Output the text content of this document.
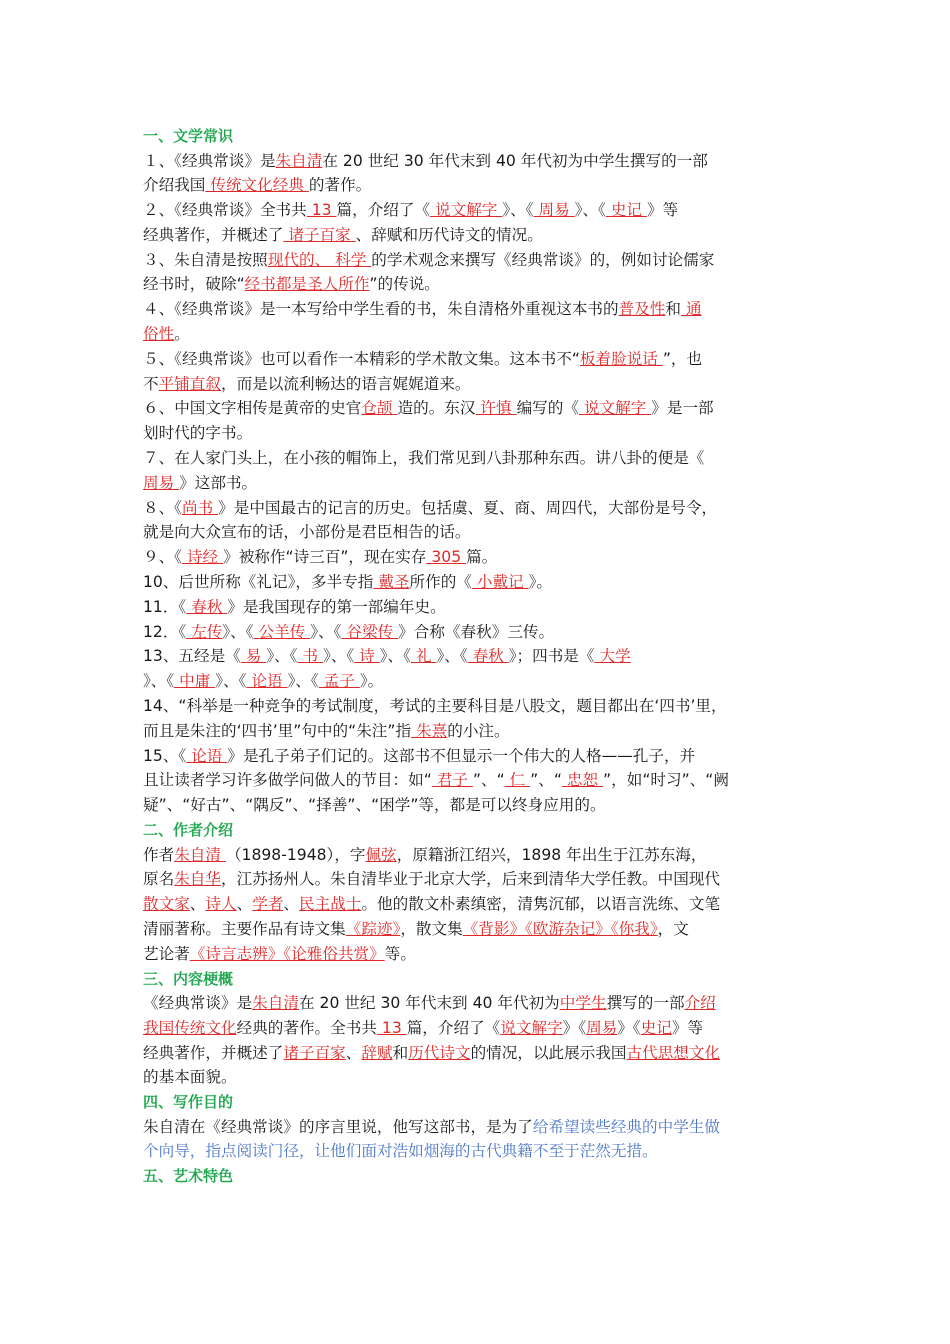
一、文学常识
１、《经典常谈》是朱自清在 20 世纪 30 年代末到 40 年代初为中学生撰写的一部
介绍我国 传统文化经典 的著作。
２、《经典常谈》全书共 13 篇，介绍了《 说文解字 》、《 周易 》、《 史记 》等
经典著作，并概述了 诸子百家 、辞赋和历代诗文的情况。
３、朱自清是按照现代的、 科学 的学术观念来撰写《经典常谈》的，例如讨论儒家
经书时，破除“经书都是圣人所作”的传说。
４、《经典常谈》是一本写给中学生看的书，朱自清格外重视这本书的普及性和 通
俗性。
５、《经典常谈》也可以看作一本精彩的学术散文集。这本书不“板着脸说话 ”，也
不平铺直叙，而是以流利畅达的语言娓娓道来。
６、中国文字相传是黄帝的史官仓颉 造的。东汉 许慎 编写的《 说文解字 》是一部
划时代的字书。
７、在人家门头上，在小孩的帽饰上，我们常见到八卦那种东西。讲八卦的便是《
周易 》这部书。
８、《尚书 》是中国最古的记言的历史。包括虞、夏、商、周四代，大部份是号令，
就是向大众宣布的话，小部份是君臣相告的话。
９、《 诗经 》被称作“诗三百”，现在实存 305 篇。
10、后世所称《礼记》，多半专指 戴圣所作的《 小戴记 》。
11．《 春秋 》是我国现存的第一部编年史。
12．《 左传》、《 公羊传 》、《 谷梁传 》合称《春秋》三传。
13、五经是《 易 》、《 书 》、《 诗 》、《 礼 》、《 春秋 》；四书是《 大学
》、《 中庸 》、《 论语 》、《 孟子 》。
14、“科举是一种竞争的考试制度，考试的主要科目是八股文，题目都出在‘四书’里，
而且是朱注的‘四书’里”句中的“朱注”指 朱熹的小注。
15、《 论语 》是孔子弟子们记的。这部书不但显示一个伟大的人格——孔子，并
且让读者学习许多做学问做人的节目：如“ 君子 ”、“ 仁 ”、“ 忠恕 ”，如“时习”、“阙
疑”、“好古”、“隅反”、“择善”、“困学”等，都是可以终身应用的。
二、作者介绍
作者朱自清 （1898-1948），字佩弦，原籍浙江绍兴，1898 年出生于江苏东海，
原名朱自华，江苏扬州人。朱自清毕业于北京大学，后来到清华大学任教。中国现代
散文家、诗人、学者、民主战士。他的散文朴素缜密，清隽沉郁，以语言洗练、文笔
清丽著称。主要作品有诗文集《踪迹》，散文集《背影》《欧游杂记》《你我》，文
艺论著《诗言志辨》《论雅俗共赏》等。
三、内容梗概
《经典常谈》是朱自清在 20 世纪 30 年代末到 40 年代初为中学生撰写的一部介绍
我国传统文化经典的著作。全书共 13 篇，介绍了《说文解字》《周易》《史记》等
经典著作，并概述了诸子百家、辞赋和历代诗文的情况，以此展示我国古代思想文化
的基本面貌。
四、写作目的
朱自清在《经典常谈》的序言里说，他写这部书，是为了给希望读些经典的中学生做
个向导，指点阅读门径，让他们面对浩如烟海的古代典籍不至于茫然无措。
五、艺术特色
